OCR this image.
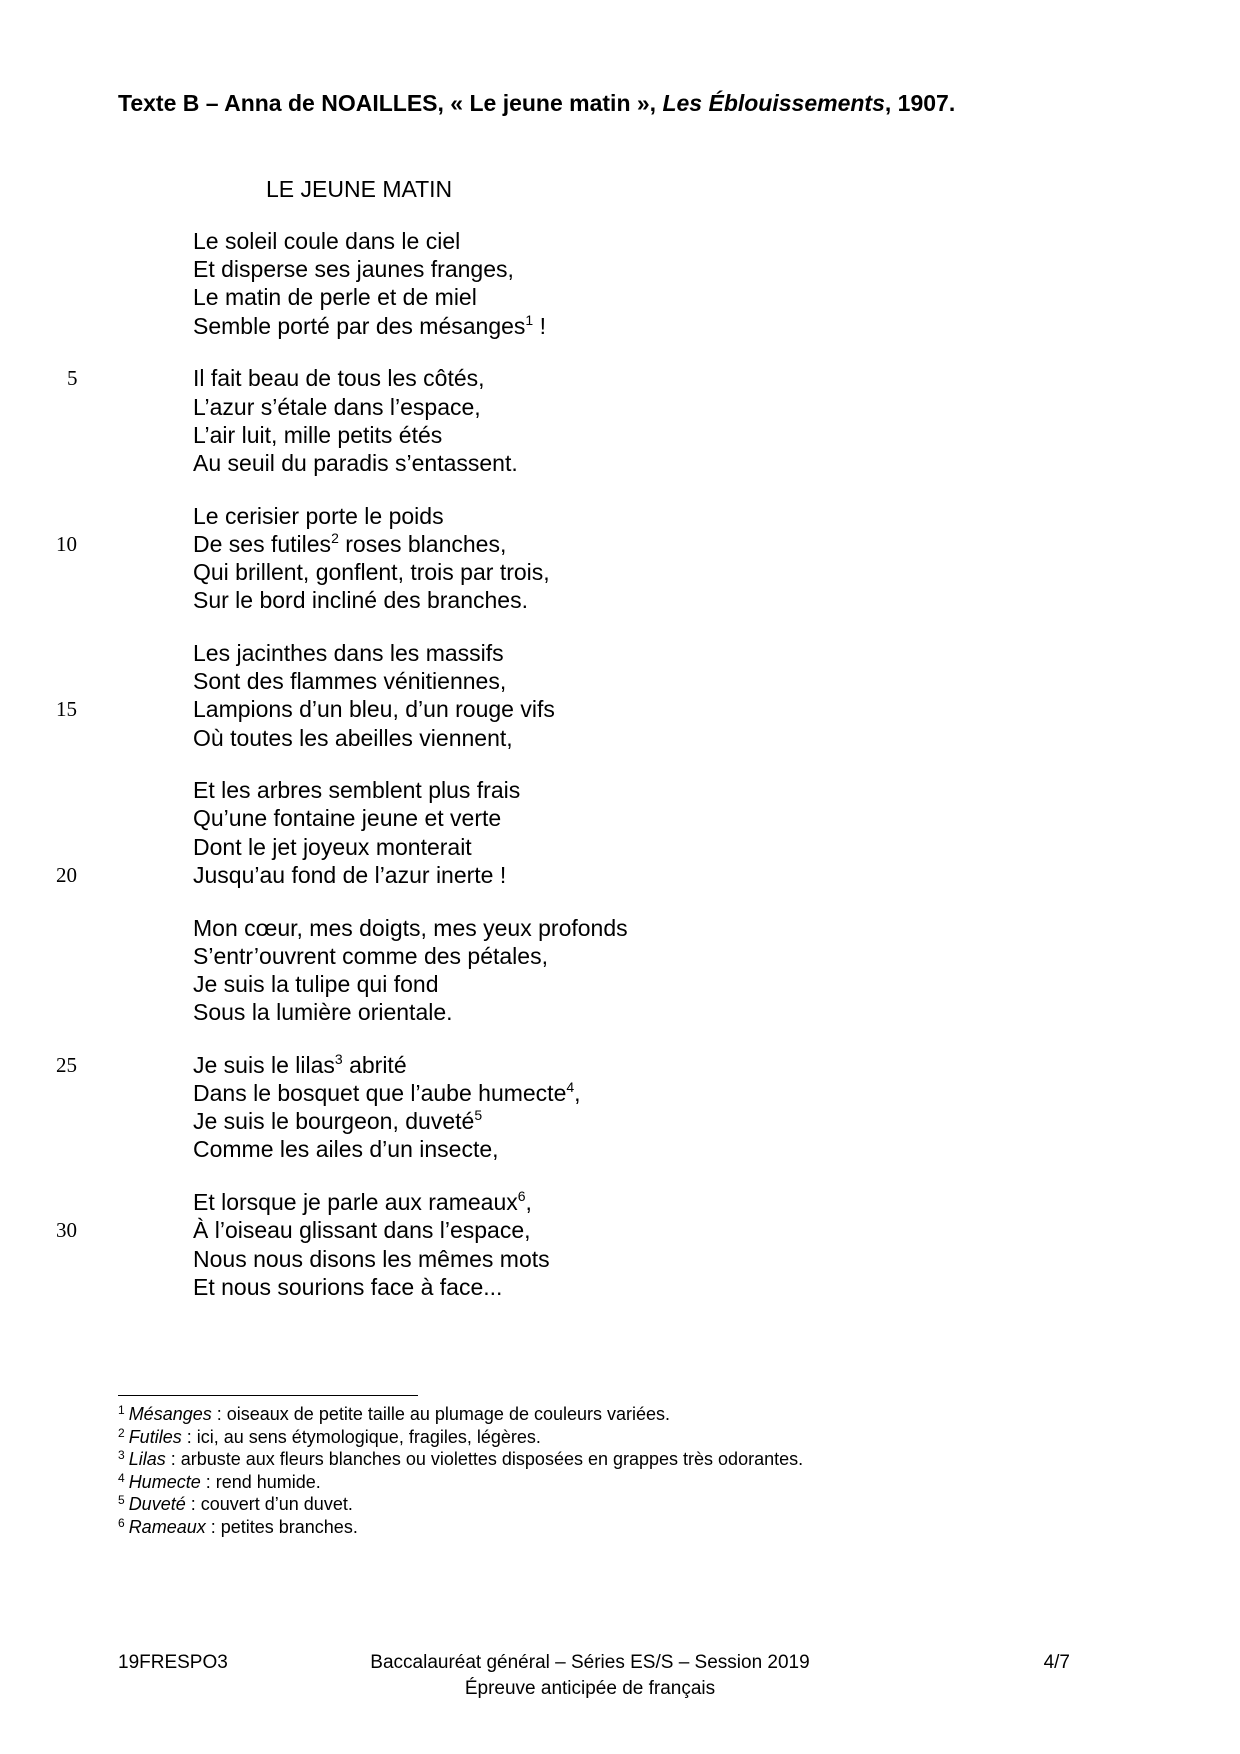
Texte B – Anna de NOAILLES, « Le jeune matin », Les Éblouissements, 1907.
LE JEUNE MATIN
Le soleil coule dans le ciel
Et disperse ses jaunes franges,
Le matin de perle et de miel
Semble porté par des mésanges$^1$ !
Il fait beau de tous les côtés,
5
L’azur s’étale dans l’espace,
L’air luit, mille petits étés
Au seuil du paradis s’entassent.
Le cerisier porte le poids
De ses futiles$^2$ roses blanches,
10
Qui brillent, gonflent, trois par trois,
Sur le bord incliné des branches.
Les jacinthes dans les massifs
Sont des flammes vénitiennes,
Lampions d’un bleu, d’un rouge vifs
15
Où toutes les abeilles viennent,
Et les arbres semblent plus frais
Qu’une fontaine jeune et verte
Dont le jet joyeux monterait
Jusqu’au fond de l’azur inerte !
20
Mon cœur, mes doigts, mes yeux profonds
S’entr’ouvrent comme des pétales,
Je suis la tulipe qui fond
Sous la lumière orientale.
Je suis le lilas$^3$ abrité
25
Dans le bosquet que l’aube humecte$^4$,
Je suis le bourgeon, duveté$^5$
Comme les ailes d’un insecte,
Et lorsque je parle aux rameaux$^6$,
À l’oiseau glissant dans l’espace,
30
Nous nous disons les mêmes mots
Et nous sourions face à face...
$^1$ Mésanges : oiseaux de petite taille au plumage de couleurs variées.
$^2$ Futiles : ici, au sens étymologique, fragiles, légères.
$^3$ Lilas : arbuste aux fleurs blanches ou violettes disposées en grappes très odorantes.
$^4$ Humecte : rend humide.
$^5$ Duveté : couvert d’un duvet.
$^6$ Rameaux : petites branches.
19FRESPO3	Baccalauréat général – Séries ES/S – Session 2019
Épreuve anticipée de français
4/7
